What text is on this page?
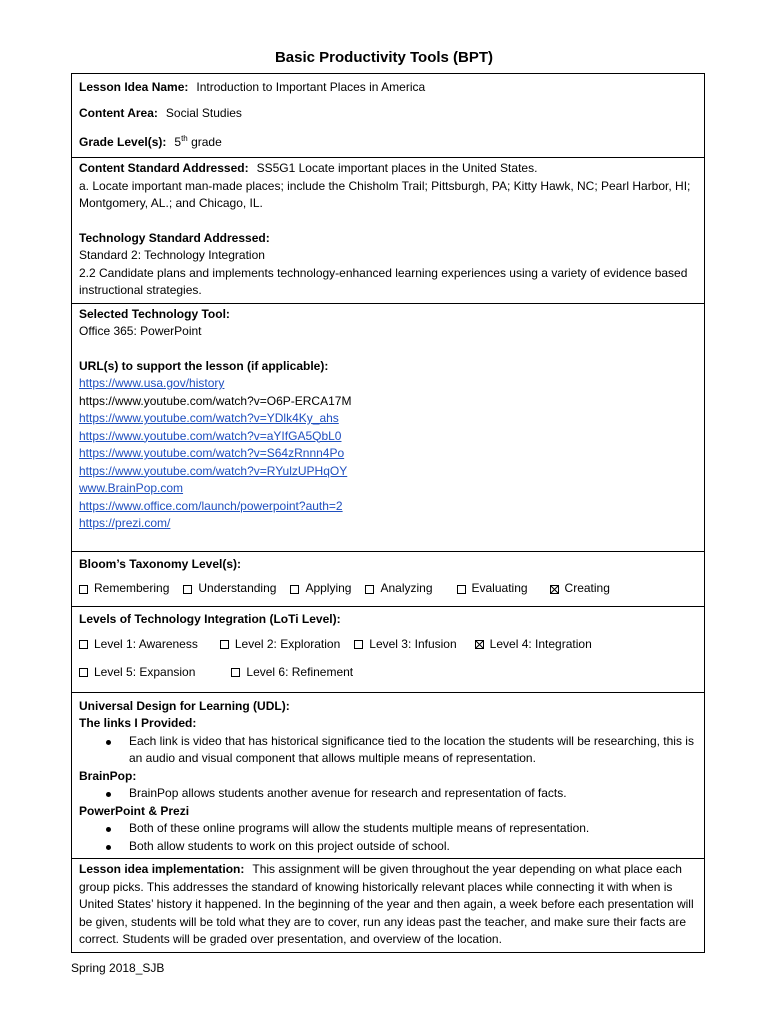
Basic Productivity Tools (BPT)
Lesson Idea Name: Introduction to Important Places in America
Content Area: Social Studies
Grade Level(s): 5th grade

Content Standard Addressed: SS5G1 Locate important places in the United States.
a. Locate important man-made places; include the Chisholm Trail; Pittsburgh, PA; Kitty Hawk, NC; Pearl Harbor, HI; Montgomery, AL.; and Chicago, IL.
Technology Standard Addressed:
Standard 2: Technology Integration
2.2 Candidate plans and implements technology-enhanced learning experiences using a variety of evidence based instructional strategies.

Selected Technology Tool:
Office 365: PowerPoint
URL(s) to support the lesson (if applicable):
https://www.usa.gov/history
https://www.youtube.com/watch?v=O6P-ERCA17M
https://www.youtube.com/watch?v=YDlk4Ky_ahs
https://www.youtube.com/watch?v=aYIfGA5QbL0
https://www.youtube.com/watch?v=S64zRnnn4Po
https://www.youtube.com/watch?v=RYulzUPHqOY
www.BrainPop.com
https://www.office.com/launch/powerpoint?auth=2
https://prezi.com/

Bloom’s Taxonomy Level(s):
Remembering Understanding Applying Analyzing	Evaluating	Creating

Levels of Technology Integration (LoTi Level):
Level 1: Awareness	Level 2: Exploration Level 3: Infusion	Level 4: Integration
Level 5: Expansion	Level 6: Refinement

Universal Design for Learning (UDL):
The links I Provided:
Each link is video that has historical significance tied to the location the students will be researching, this is an audio and visual component that allows multiple means of representation.
BrainPop:
BrainPop allows students another avenue for research and representation of facts.
PowerPoint & Prezi
Both of these online programs will allow the students multiple means of representation.
Both allow students to work on this project outside of school.

Lesson idea implementation: This assignment will be given throughout the year depending on what place each group picks. This addresses the standard of knowing historically relevant places while connecting it with when is United States’ history it happened. In the beginning of the year and then again, a week before each presentation will be given, students will be told what they are to cover, run any ideas past the teacher, and make sure their facts are correct. Students will be graded over presentation, and overview of the location.
Spring 2018_SJB
